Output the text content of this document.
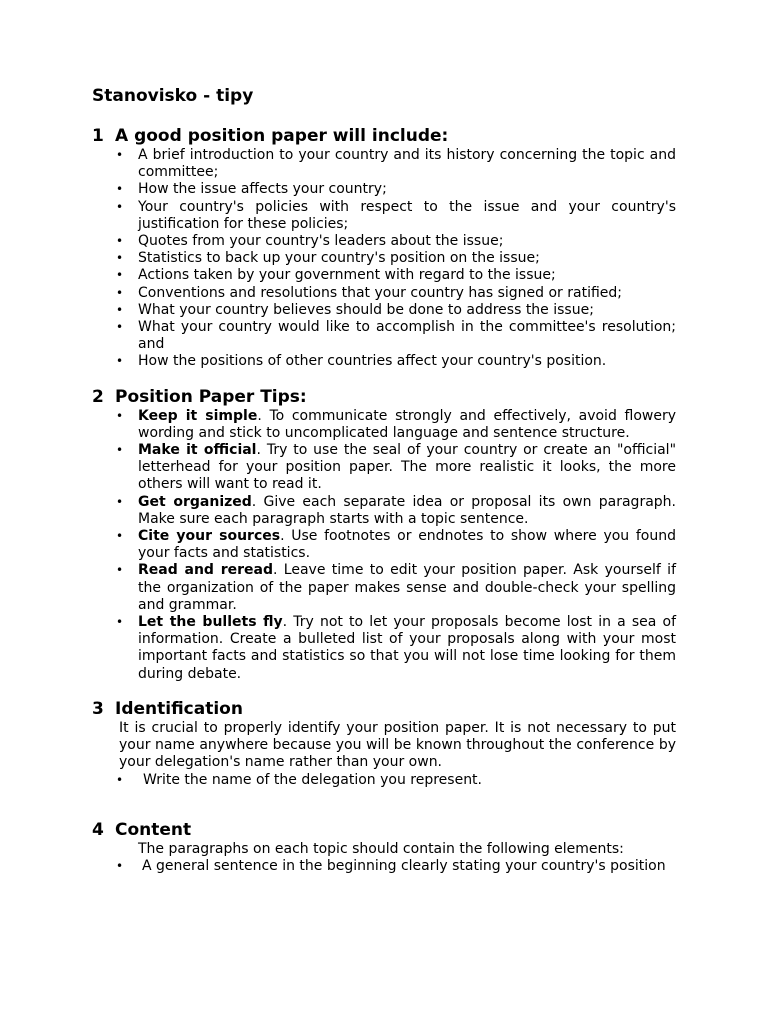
Stanovisko - tipy
1 A good position paper will include:
• A brief introduction to your country and its history concerning the topic and committee;
• How the issue affects your country;
• Your country's policies with respect to the issue and your country's justification for these policies;
• Quotes from your country's leaders about the issue;
• Statistics to back up your country's position on the issue;
• Actions taken by your government with regard to the issue;
• Conventions and resolutions that your country has signed or ratified;
• What your country believes should be done to address the issue;
• What your country would like to accomplish in the committee's resolution; and
• How the positions of other countries affect your country's position.
2 Position Paper Tips:
• Keep it simple. To communicate strongly and effectively, avoid flowery wording and stick to uncomplicated language and sentence structure.
• Make it official. Try to use the seal of your country or create an "official" letterhead for your position paper. The more realistic it looks, the more others will want to read it.
• Get organized. Give each separate idea or proposal its own paragraph. Make sure each paragraph starts with a topic sentence.
• Cite your sources. Use footnotes or endnotes to show where you found your facts and statistics.
• Read and reread. Leave time to edit your position paper. Ask yourself if the organization of the paper makes sense and double-check your spelling and grammar.
• Let the bullets fly. Try not to let your proposals become lost in a sea of information. Create a bulleted list of your proposals along with your most important facts and statistics so that you will not lose time looking for them during debate.
3 Identification

It is crucial to properly identify your position paper. It is not necessary to put your name anywhere because you will be known throughout the conference by your delegation's name rather than your own.

• Write the name of the delegation you represent.
4 Content

The paragraphs on each topic should contain the following elements:

• A general sentence in the beginning clearly stating your country's position
